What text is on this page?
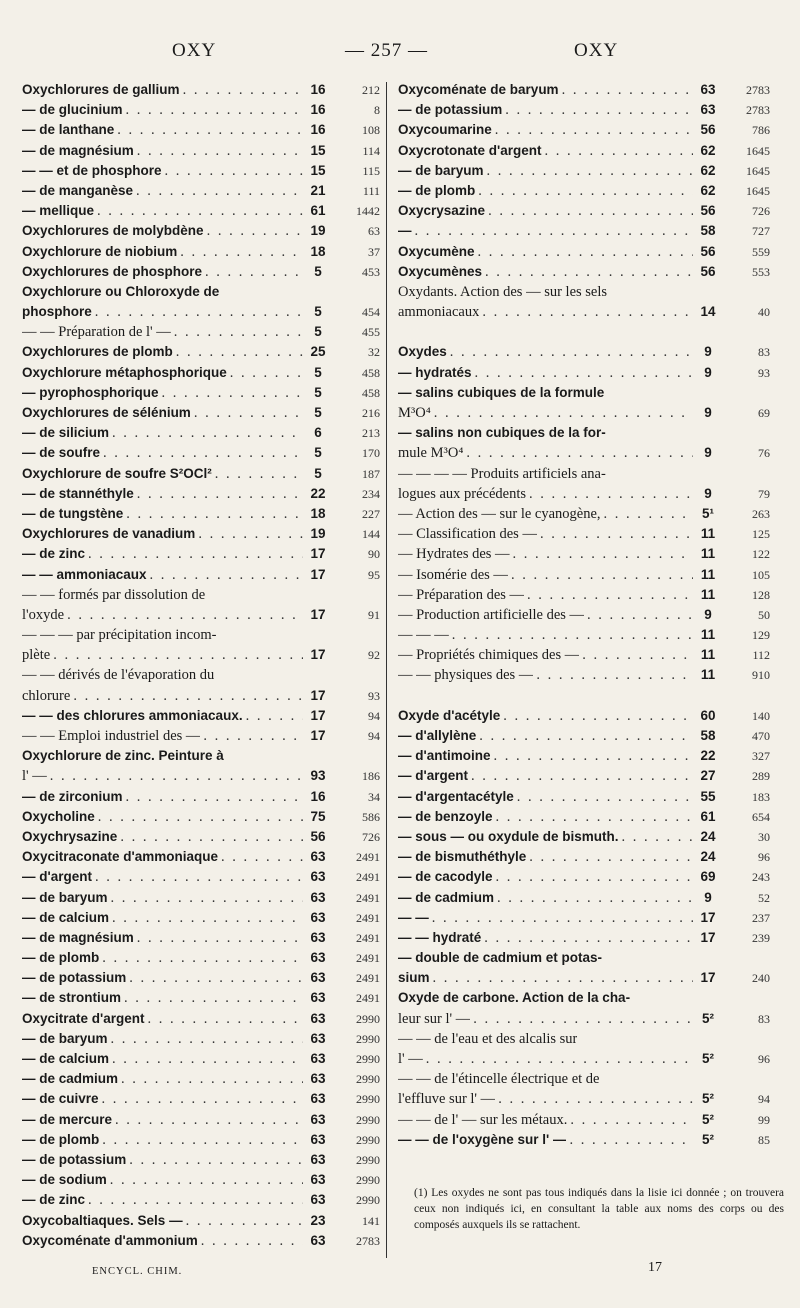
OXY	— 257 —	OXY
Oxychlorures de gallium . . .	16	212
— de glucinium . . .	16	8
— de lanthane . . .	16	108
— de magnésium . . .	15	114
— — et de phosphore . . .	15	115
— de manganèse . . .	21	111
— mellique . . .	61	1442
Oxychlorures de molybdène . . .	19	63
Oxychlorure de niobium . . .	18	37
Oxychlorures de phosphore . . .	5	453
Oxychlorure ou Chloroxyde de
phosphore . . .	5	454
— — Préparation de l' — . . .	5	455
Oxychlorures de plomb . . .	25	32
Oxychlorure métaphosphorique . . .	5	458
— pyrophosphorique . . .	5	458
Oxychlorures de sélénium . . .	5	216
— de silicium . . .	6	213
— de soufre . . .	5	170
Oxychlorure de soufre S²OCl² . . .	5	187
— de stannéthyle . . .	22	234
— de tungstène . . .	18	227
Oxychlorures de vanadium . . .	19	144
— de zinc . . .	17	90
— — ammoniacaux . . .	17	95
— — formés par dissolution de
l'oxyde . . .	17	91
— — — par précipitation incom-
plète . . .	17	92
— — dérivés de l'évaporation du
chlorure . . .	17	93
— — des chlorures ammoniacaux. . . .	17	94
— — Emploi industriel des — . . .	17	94
Oxychlorure de zinc. Peinture à
l' — . . .	93	186
— de zirconium . . .	16	34
Oxycholine . . .	75	586
Oxychrysazine . . .	56	726
Oxycitraconate d'ammoniaque . . .	63	2491
— d'argent . . .	63	2491
— de baryum . . .	63	2491
— de calcium . . .	63	2491
— de magnésium . . .	63	2491
— de plomb . . .	63	2491
— de potassium . . .	63	2491
— de strontium . . .	63	2491
Oxycitrate d'argent . . .	63	2990
— de baryum . . .	63	2990
— de calcium . . .	63	2990
— de cadmium . . .	63	2990
— de cuivre . . .	63	2990
— de mercure . . .	63	2990
— de plomb . . .	63	2990
— de potassium . . .	63	2990
— de sodium . . .	63	2990
— de zinc . . .	63	2990
Oxycobaltiaques. Sels — . . .	23	141
Oxycoménate d'ammonium . . .	63	2783
Oxycoménate de baryum . . .	63	2783
— de potassium . . .	63	2783
Oxycoumarine . . .	56	786
Oxycrotonate d'argent . . .	62	1645
— de baryum . . .	62	1645
— de plomb . . .	62	1645
Oxycrysazine . . .	56	726
— . . .	58	727
Oxycumène . . .	56	559
Oxycumènes . . .	56	553
Oxydants. Action des — sur les sels
ammoniacaux . . .	14	40
Oxydes . . .	9	83
— hydratés . . .	9	93
— salins cubiques de la formule
M³O⁴ . . .	9	69
— salins non cubiques de la for-
mule M³O⁴ . . .	9	76
— — — — Produits artificiels ana-
logues aux précédents . . .	9	79
— Action des — sur le cyanogène, . . .	5¹	263
— Classification des — . . .	11	125
— Hydrates des — . . .	11	122
— Isomérie des — . . .	11	105
— Préparation des — . . .	11	128
— Production artificielle des — . . .	9	50
— — — . . .	11	129
— Propriétés chimiques des — . . .	11	112
— — physiques des — . . .	11	910
Oxyde d'acétyle . . .	60	140
— d'allylène . . .	58	470
— d'antimoine . . .	22	327
— d'argent . . .	27	289
— d'argentacétyle . . .	55	183
— de benzoyle . . .	61	654
— sous — ou oxydule de bismuth. . . .	24	30
— de bismuthéthyle . . .	24	96
— de cacodyle . . .	69	243
— de cadmium . . .	9	52
— — . . .	17	237
— — hydraté . . .	17	239
— double de cadmium et potas-
sium . . .	17	240
Oxyde de carbone. Action de la cha-
leur sur l' — . . .	5²	83
— — de l'eau et des alcalis sur
l' — . . .	5²	96
— — de l'étincelle électrique et de
l'effluve sur l' — . . .	5²	94
— — de l' — sur les métaux. . . .	5²	99
— — de l'oxygène sur l' — . . .	5²	85
(1) Les oxydes ne sont pas tous indiqués dans la lisie ici donnée ; on trouvera ceux non indiqués ici, en consultant la table aux noms des corps ou des composés auxquels ils se rattachent.
ENCYCL. CHIM.	17
